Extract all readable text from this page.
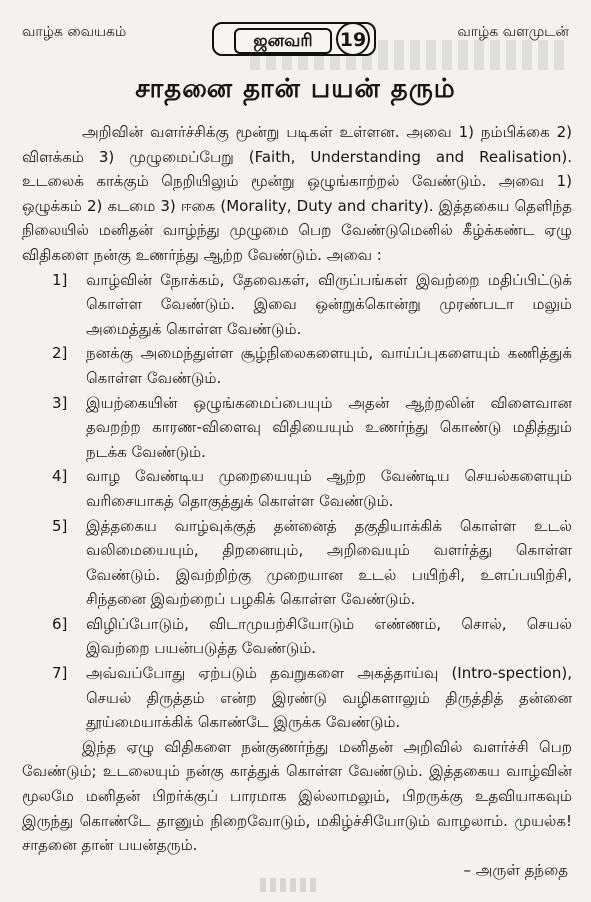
வாழ்க வையகம்	ஜனவரி	19	வாழ்க வளமுடன்
சாதனை தான் பயன் தரும்

அறிவின் வளர்ச்சிக்கு மூன்று படிகள் உள்ளன. அவை 1) நம்பிக்கை 2) விளக்கம் 3) முழுமைப்பேறு (Faith, Understanding and Realisation). உடலைக் காக்கும் நெறியிலும் மூன்று ஒழுங்காற்றல் வேண்டும். அவை 1) ஒழுக்கம் 2) கடமை 3) ஈகை (Morality, Duty and charity). இத்தகைய தெளிந்த நிலையில் மனிதன் வாழ்ந்து முழுமை பெற வேண்டுமெனில் கீழ்க்கண்ட ஏழு விதிகளை நன்கு உணர்ந்து ஆற்ற வேண்டும். அவை :

1] வாழ்வின் நோக்கம், தேவைகள், விருப்பங்கள் இவற்றை மதிப்பிட்டுக் கொள்ள வேண்டும். இவை ஒன்றுக்கொன்று முரண்படா மலும் அமைத்துக் கொள்ள வேண்டும்.
2] நனக்கு அமைந்துள்ள சூழ்நிலைகளையும், வாய்ப்புகளையும் கணித்துக் கொள்ள வேண்டும்.
3] இயற்கையின் ஒழுங்கமைப்பையும் அதன் ஆற்றலின் விளைவான தவறற்ற காரண-விளைவு விதியையும் உணர்ந்து கொண்டு மதித்தும் நடக்க வேண்டும்.
4] வாழ வேண்டிய முறையையும் ஆற்ற வேண்டிய செயல்களையும் வரிசையாகத் தொகுத்துக் கொள்ள வேண்டும்.
5] இத்தகைய வாழ்வுக்குத் தன்னைத் தகுதியாக்கிக் கொள்ள உடல் வலிமையையும், திறனையும், அறிவையும் வளர்த்து கொள்ள வேண்டும். இவற்றிற்கு முறையான உடல் பயிற்சி, உளப்பயிற்சி, சிந்தனை இவற்றைப் பழகிக் கொள்ள வேண்டும்.
6] விழிப்போடும், விடாமுயற்சியோடும் எண்ணம், சொல், செயல் இவற்றை பயன்படுத்த வேண்டும்.
7] அவ்வப்போது ஏற்படும் தவறுகளை அகத்தாய்வு (Intro-spection), செயல் திருத்தம் என்ற இரண்டு வழிகளாலும் திருத்தித் தன்னை தூய்மையாக்கிக் கொண்டே இருக்க வேண்டும்.

இந்த ஏழு விதிகளை நன்குணர்ந்து மனிதன் அறிவில் வளர்ச்சி பெற வேண்டும்; உடலையும் நன்கு காத்துக் கொள்ள வேண்டும். இத்தகைய வாழ்வின் மூலமே மனிதன் பிறர்க்குப் பாரமாக இல்லாமலும், பிறருக்கு உதவியாகவும் இருந்து கொண்டே தானும் நிறைவோடும், மகிழ்ச்சியோடும் வாழலாம். முயல்க! சாதனை தான் பயன்தரும்.

– அருள் தந்தை
